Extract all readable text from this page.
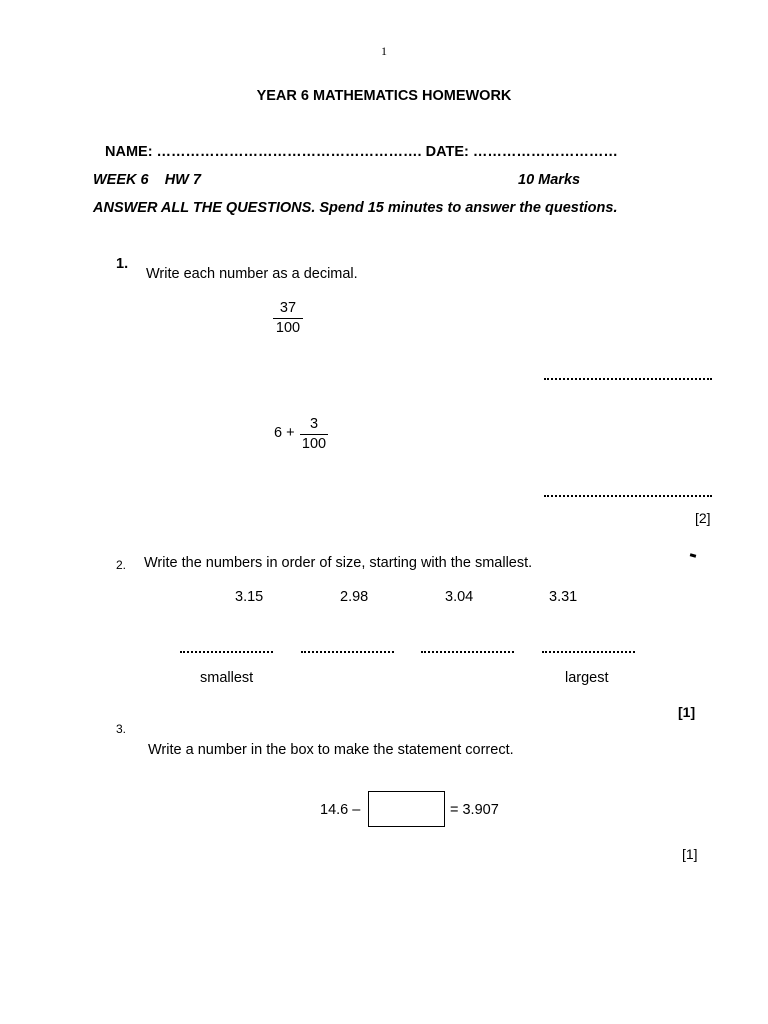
1
YEAR 6 MATHEMATICS HOMEWORK
NAME: ………………………………………………. DATE: …………………………
WEEK 6    HW 7	10 Marks
ANSWER ALL THE QUESTIONS. Spend 15 minutes to answer the questions.
1.
Write each number as a decimal.
37
100
6 +
3
100
[2]
2. Write the numbers in order of size, starting with the smallest.
3.15	2.98	3.04	3.31
smallest	largest
[1]
3.
Write a number in the box to make the statement correct.
14.6 –	= 3.907
[1]
